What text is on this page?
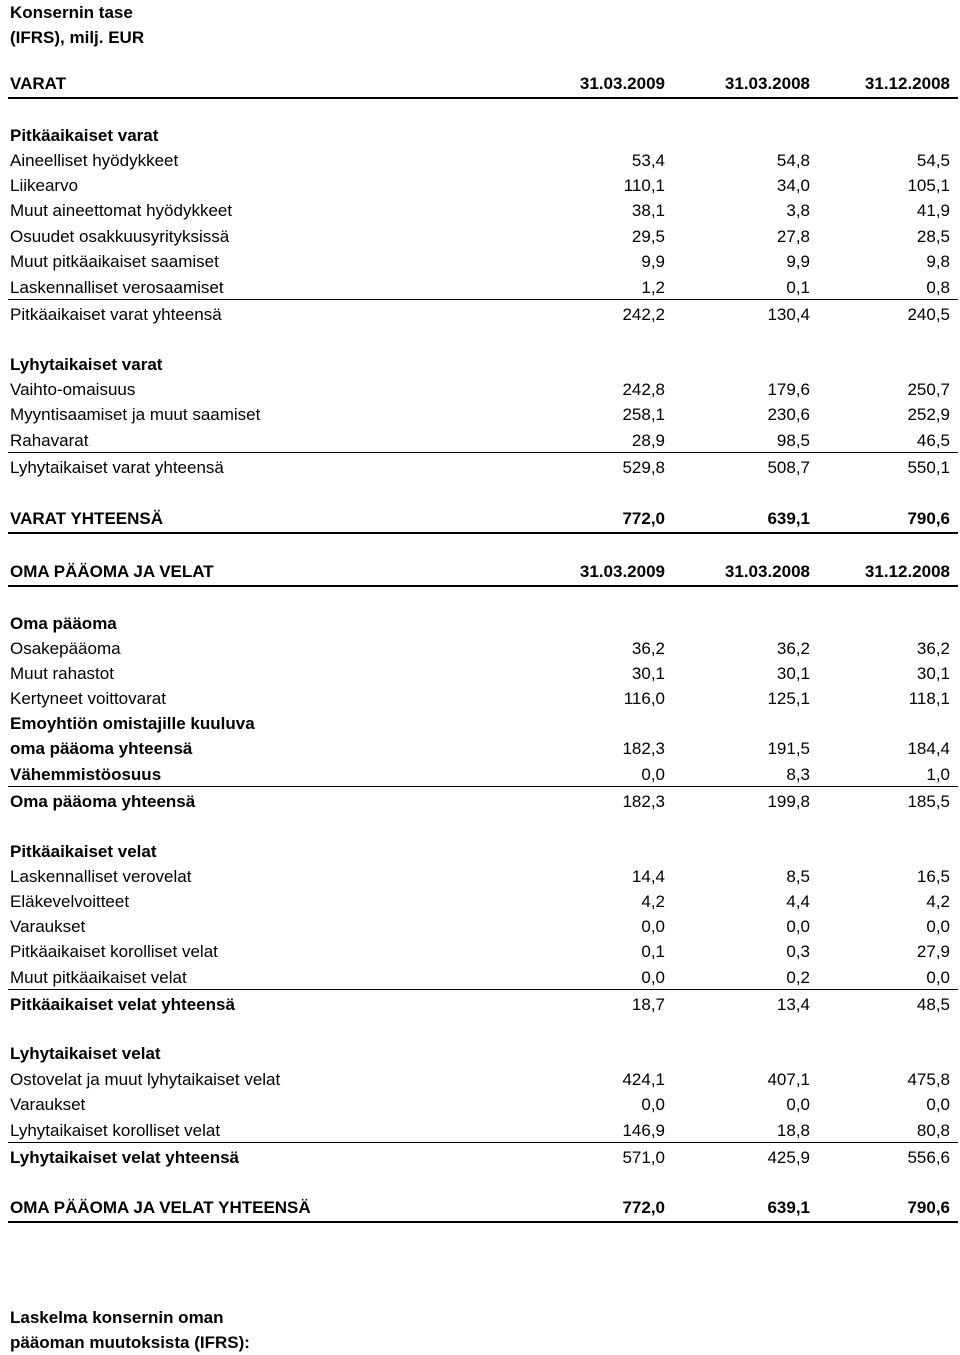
Konsernin tase
(IFRS), milj. EUR
VARAT	31.03.2009	31.03.2008	31.12.2008
Pitkäaikaiset varat
Aineelliset hyödykkeet	53,4	54,8	54,5
Liikearvo	110,1	34,0	105,1
Muut aineettomat hyödykkeet	38,1	3,8	41,9
Osuudet osakkuusyrityksissä	29,5	27,8	28,5
Muut pitkäaikaiset saamiset	9,9	9,9	9,8
Laskennalliset verosaamiset	1,2	0,1	0,8
Pitkäaikaiset varat yhteensä	242,2	130,4	240,5
Lyhytaikaiset varat
Vaihto-omaisuus	242,8	179,6	250,7
Myyntisaamiset ja muut saamiset	258,1	230,6	252,9
Rahavarat	28,9	98,5	46,5
Lyhytaikaiset varat yhteensä	529,8	508,7	550,1
VARAT YHTEENSÄ	772,0	639,1	790,6
OMA PÄÄOMA JA VELAT	31.03.2009	31.03.2008	31.12.2008
Oma pääoma
Osakepääoma	36,2	36,2	36,2
Muut rahastot	30,1	30,1	30,1
Kertyneet voittovarat	116,0	125,1	118,1
Emoyhtiön omistajille kuuluva
oma pääoma yhteensä	182,3	191,5	184,4
Vähemmistöosuus	0,0	8,3	1,0
Oma pääoma yhteensä	182,3	199,8	185,5
Pitkäaikaiset velat
Laskennalliset verovelat	14,4	8,5	16,5
Eläkevelvoitteet	4,2	4,4	4,2
Varaukset	0,0	0,0	0,0
Pitkäaikaiset korolliset velat	0,1	0,3	27,9
Muut pitkäaikaiset velat	0,0	0,2	0,0
Pitkäaikaiset velat yhteensä	18,7	13,4	48,5
Lyhytaikaiset velat
Ostovelat ja muut lyhytaikaiset velat	424,1	407,1	475,8
Varaukset	0,0	0,0	0,0
Lyhytaikaiset korolliset velat	146,9	18,8	80,8
Lyhytaikaiset velat yhteensä	571,0	425,9	556,6
OMA PÄÄOMA JA VELAT YHTEENSÄ	772,0	639,1	790,6
Laskelma konsernin oman
pääoman muutoksista (IFRS):
